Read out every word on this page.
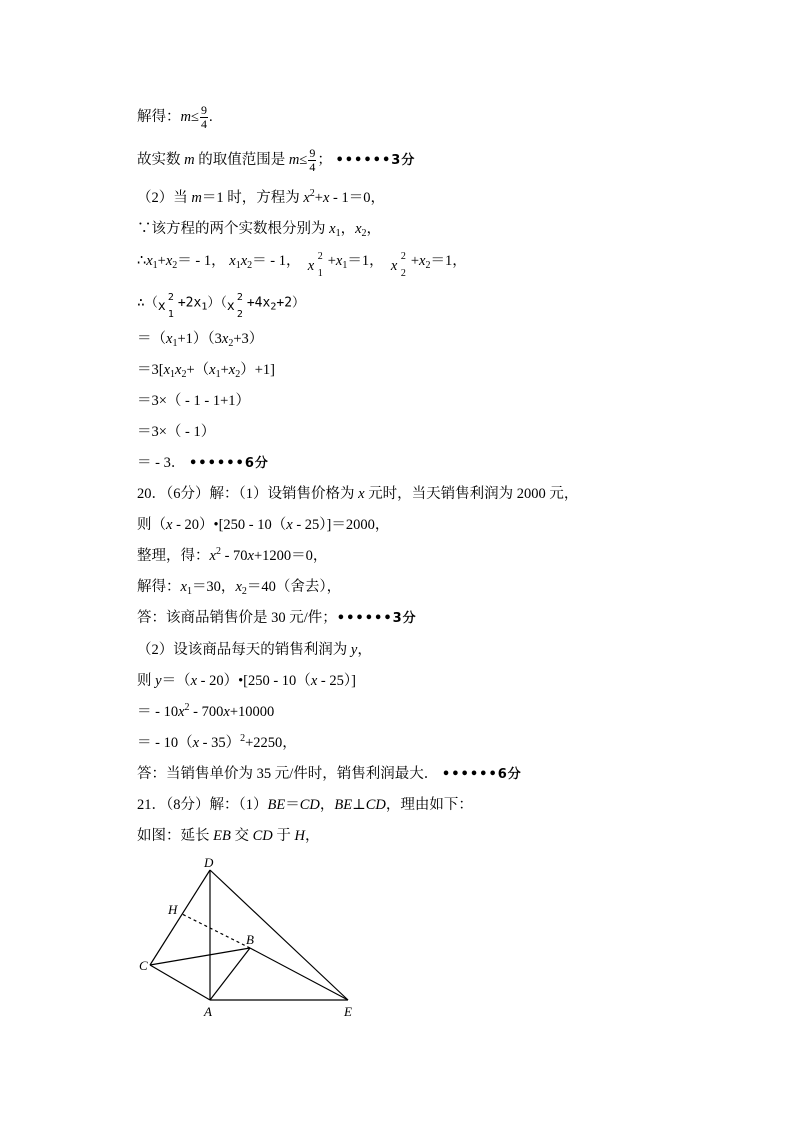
解得：$m\le \frac{9}{4}$ .
故实数 m 的取值范围是 $m\le \frac{9}{4}$ ； ••••••3分
（2）当 m＝1 时，方程为 $x^2+x - 1=0$，
∵该方程的两个实数根分别为 $x_1$，$x_2$，
$\therefore x_1+x_2= - 1$， $x_1x_2= - 1$， x
2
1
$+x_1=1$， x
2
2
$+x_2=1$，
∴（ x
2
1
$+2x_1$）（ x
2
2
$+4x_2+2$）
$=(x_1+1)(3x_2+3)$
$=3[x_1x_2+(x_1+x_2)+1]$
＝3×（ - 1 - 1+1）
＝3×（ - 1）
＝ - 3． ••••••6分
20．（6分）解：（1）设销售价格为 x 元时，当天销售利润为 2000 元，
则（x - 20）•[250 - 10（x - 25）]＝2000，
整理，得：$x^2 - 70x+1200=0$，
解得：$x_1=30$，$x_2=40$（舍去），
答：该商品销售价是 30 元/件；••••••3分
（2）设该商品每天的销售利润为 y，
则 y＝（x - 20）•[250 - 10（x - 25）]
＝ - $10x^2 - 700x+10000$
＝ - 10（x - 35）$^2$+2250，
答：当销售单价为 35 元/件时，销售利润最大． ••••••6分
21．（8分）解：（1）BE＝CD，BE⊥CD，理由如下：
如图：延长 EB 交 CD 于 H，
D
H
B
C
A	E
